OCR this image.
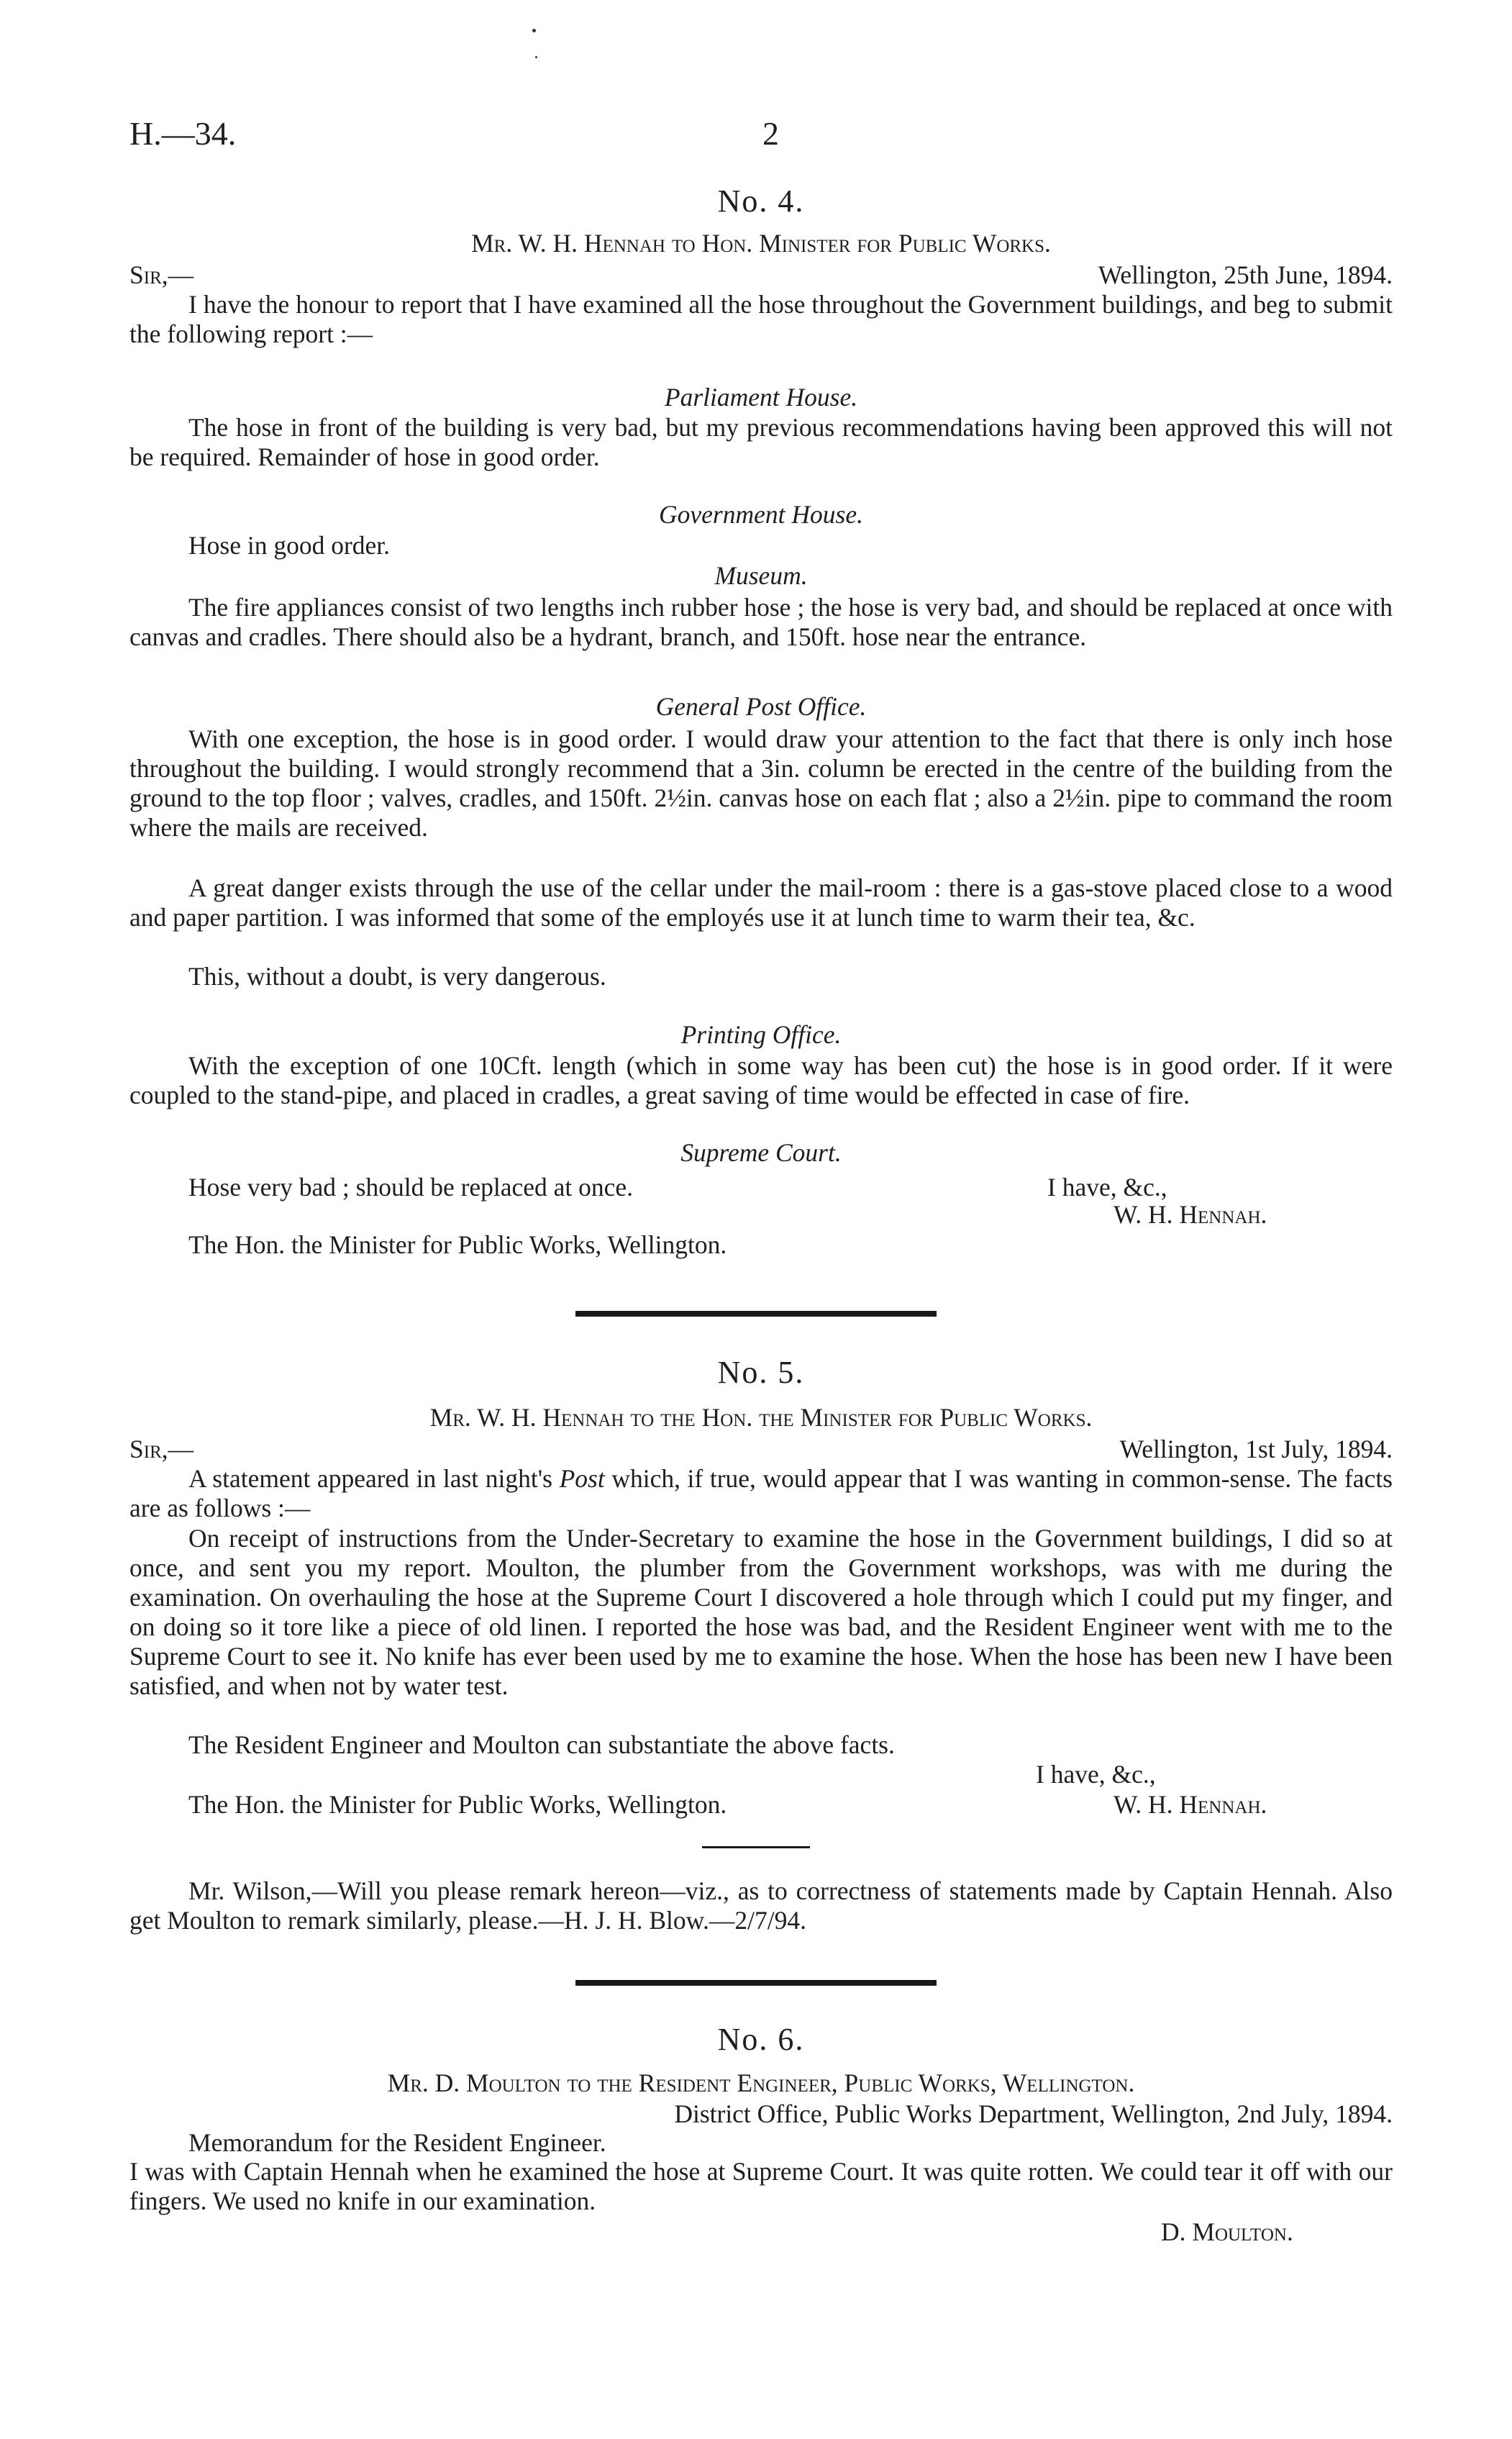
H.—34.	2
No. 4.
Mr. W. H. Hennah to Hon. Minister for Public Works.
Sir,—	Wellington, 25th June, 1894.

I have the honour to report that I have examined all the hose throughout the Government buildings, and beg to submit the following report :—

Parliament House.

The hose in front of the building is very bad, but my previous recommendations having been approved this will not be required. Remainder of hose in good order.

Government House.

Hose in good order.

Museum.

The fire appliances consist of two lengths inch rubber hose ; the hose is very bad, and should be replaced at once with canvas and cradles. There should also be a hydrant, branch, and 150ft. hose near the entrance.

General Post Office.

With one exception, the hose is in good order. I would draw your attention to the fact that there is only inch hose throughout the building. I would strongly recommend that a 3in. column be erected in the centre of the building from the ground to the top floor ; valves, cradles, and 150ft. 2½in. canvas hose on each flat ; also a 2½in. pipe to command the room where the mails are received.

A great danger exists through the use of the cellar under the mail-room : there is a gas-stove placed close to a wood and paper partition. I was informed that some of the employés use it at lunch time to warm their tea, &c.

This, without a doubt, is very dangerous.

Printing Office.

With the exception of one 10Cft. length (which in some way has been cut) the hose is in good order. If it were coupled to the stand-pipe, and placed in cradles, a great saving of time would be effected in case of fire.

Supreme Court.

Hose very bad ; should be replaced at once.	I have, &c.,
W. H. Hennah.

The Hon. the Minister for Public Works, Wellington.

No. 5.
Mr. W. H. Hennah to the Hon. the Minister for Public Works.
Sir,—	Wellington, 1st July, 1894.

A statement appeared in last night's Post which, if true, would appear that I was wanting in common-sense. The facts are as follows :—

On receipt of instructions from the Under-Secretary to examine the hose in the Government buildings, I did so at once, and sent you my report. Moulton, the plumber from the Government workshops, was with me during the examination. On overhauling the hose at the Supreme Court I discovered a hole through which I could put my finger, and on doing so it tore like a piece of old linen. I reported the hose was bad, and the Resident Engineer went with me to the Supreme Court to see it. No knife has ever been used by me to examine the hose. When the hose has been new I have been satisfied, and when not by water test.

The Resident Engineer and Moulton can substantiate the above facts.

I have, &c.,

The Hon. the Minister for Public Works, Wellington.	W. H. Hennah.

Mr. Wilson,—Will you please remark hereon—viz., as to correctness of statements made by Captain Hennah. Also get Moulton to remark similarly, please.—H. J. H. Blow.—2/7/94.

No. 6.
Mr. D. Moulton to the Resident Engineer, Public Works, Wellington.
District Office, Public Works Department, Wellington, 2nd July, 1894.

Memorandum for the Resident Engineer.

I was with Captain Hennah when he examined the hose at Supreme Court. It was quite rotten. We could tear it off with our fingers. We used no knife in our examination.

D. Moulton.
